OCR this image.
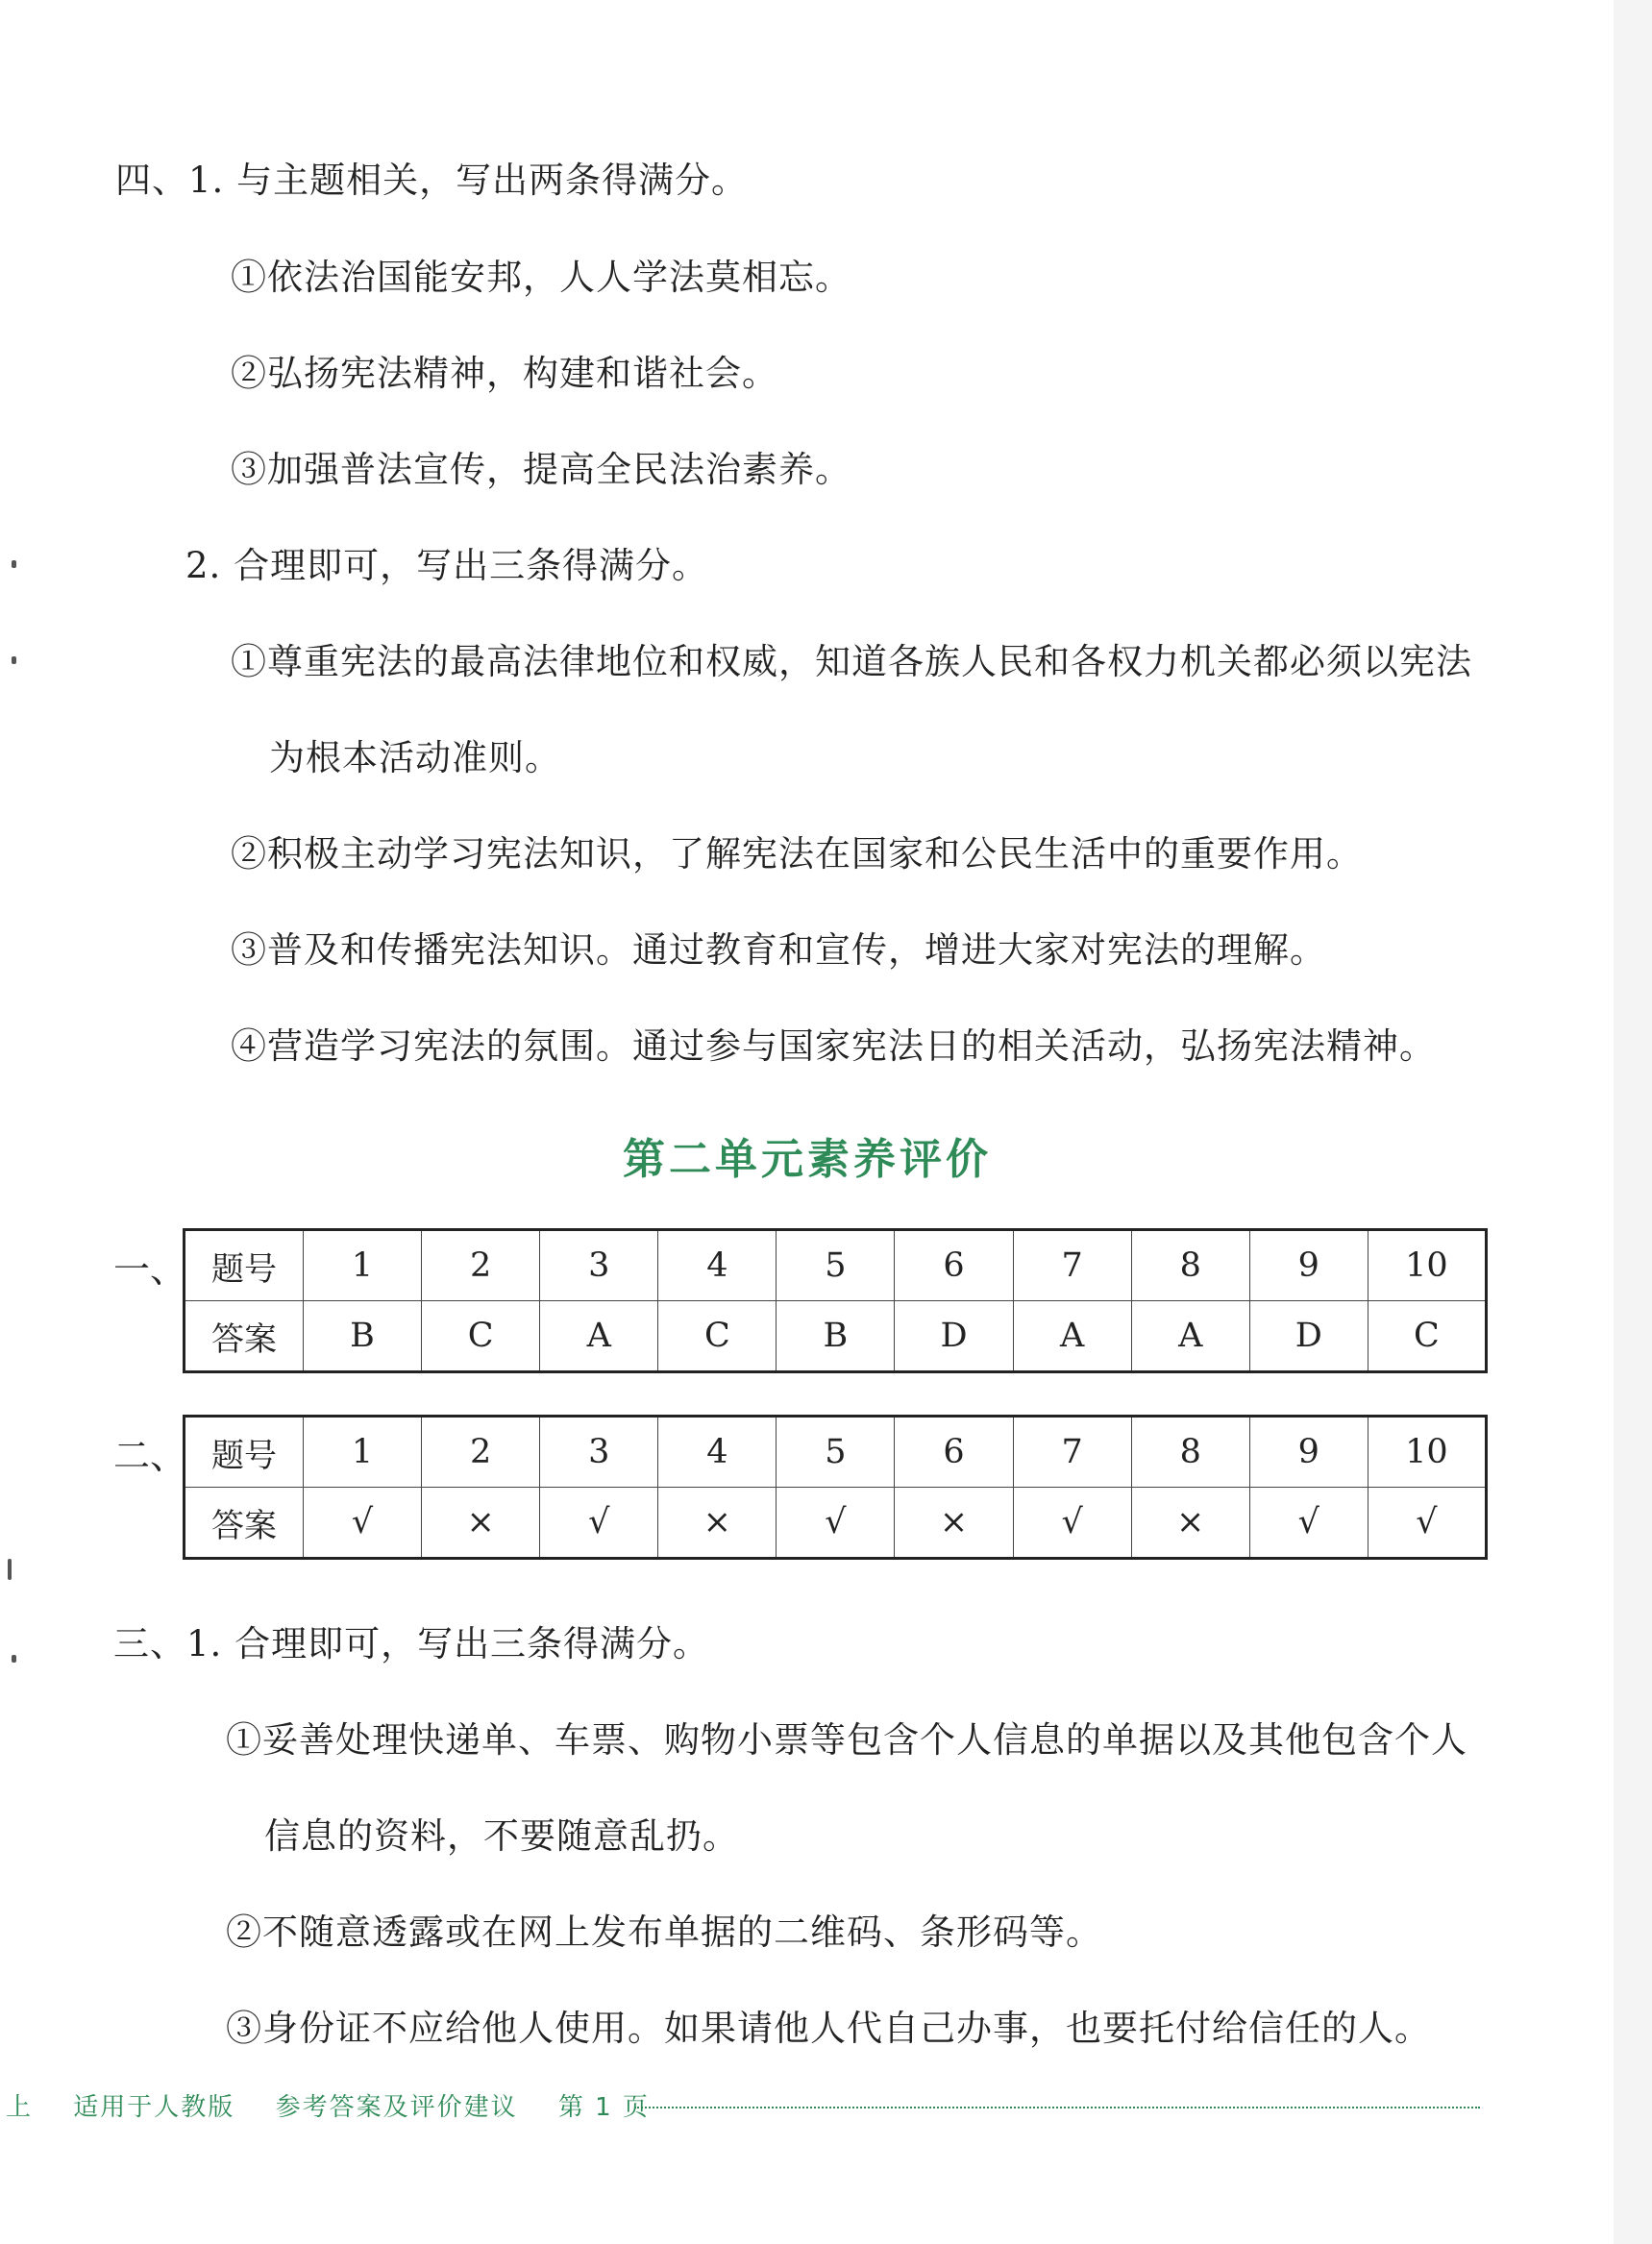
四、1. 与主题相关，写出两条得满分。
①依法治国能安邦，人人学法莫相忘。
②弘扬宪法精神，构建和谐社会。
③加强普法宣传，提高全民法治素养。
2. 合理即可，写出三条得满分。
①尊重宪法的最高法律地位和权威，知道各族人民和各权力机关都必须以宪法
为根本活动准则。
②积极主动学习宪法知识，了解宪法在国家和公民生活中的重要作用。
③普及和传播宪法知识。通过教育和宣传，增进大家对宪法的理解。
④营造学习宪法的氛围。通过参与国家宪法日的相关活动，弘扬宪法精神。
第二单元素养评价
一、 题号	1	2	3	4	5	6	7	8	9	10
答案	B	C	A	C	B	D	A	A	D	C
二、 题号	1	2	3	4	5	6	7	8	9	10
答案	√	×	√	×	√	×	√	×	√	√
三、1. 合理即可，写出三条得满分。
①妥善处理快递单、车票、购物小票等包含个人信息的单据以及其他包含个人
信息的资料，不要随意乱扔。
②不随意透露或在网上发布单据的二维码、条形码等。
③身份证不应给他人使用。如果请他人代自己办事，也要托付给信任的人。
上 适用于人教版 参考答案及评价建议 第 1 页
